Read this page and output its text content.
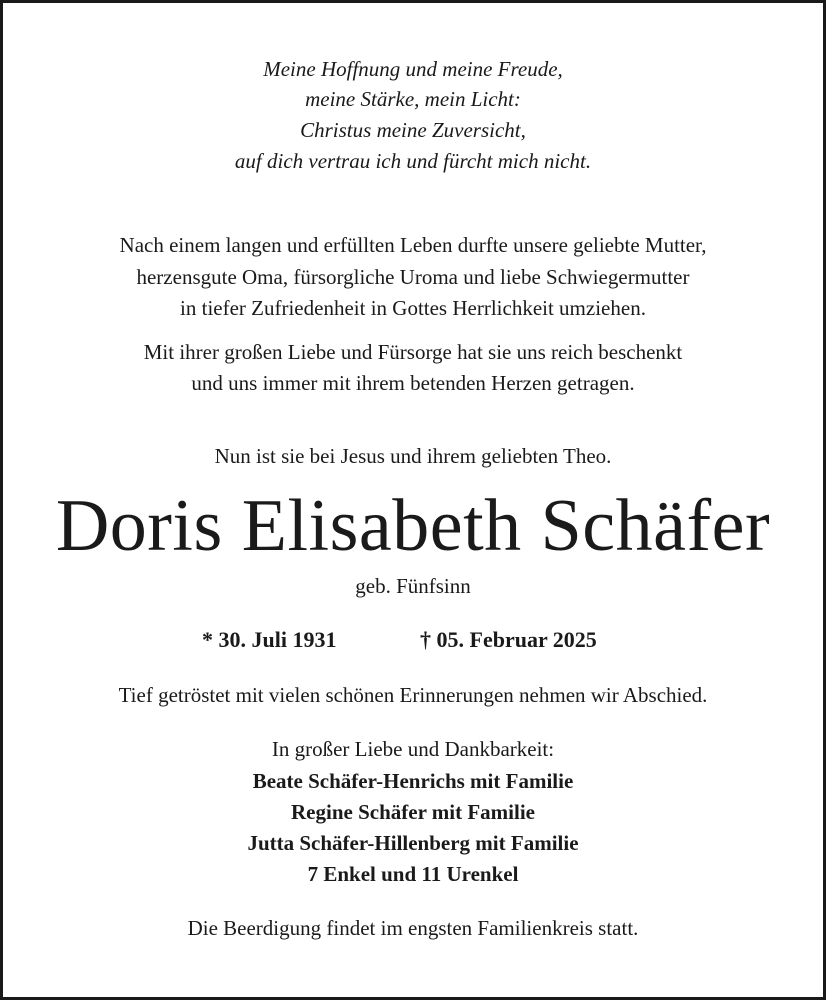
Meine Hoffnung und meine Freude,
meine Stärke, mein Licht:
Christus meine Zuversicht,
auf dich vertrau ich und fürcht mich nicht.
Nach einem langen und erfüllten Leben durfte unsere geliebte Mutter,
herzensgute Oma, fürsorgliche Uroma und liebe Schwiegermutter
in tiefer Zufriedenheit in Gottes Herrlichkeit umziehen.
Mit ihrer großen Liebe und Fürsorge hat sie uns reich beschenkt
und uns immer mit ihrem betenden Herzen getragen.
Nun ist sie bei Jesus und ihrem geliebten Theo.
Doris Elisabeth Schäfer
geb. Fünfsinn
* 30. Juli 1931	† 05. Februar 2025
Tief getröstet mit vielen schönen Erinnerungen nehmen wir Abschied.
In großer Liebe und Dankbarkeit:
Beate Schäfer-Henrichs mit Familie
Regine Schäfer mit Familie
Jutta Schäfer-Hillenberg mit Familie
7 Enkel und 11 Urenkel
Die Beerdigung findet im engsten Familienkreis statt.
